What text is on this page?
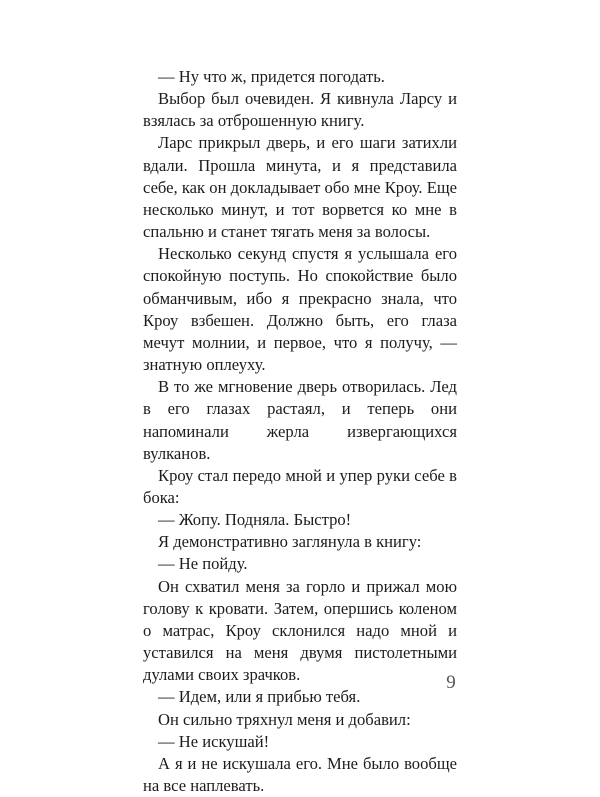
— Ну что ж, придется погодать.

Выбор был очевиден. Я кивнула Ларсу и взялась за отброшенную книгу.

Ларс прикрыл дверь, и его шаги затихли вдали. Прошла минута, и я представила себе, как он докладывает обо мне Кроу. Еще несколько минут, и тот ворвется ко мне в спальню и станет тягать меня за волосы.

Несколько секунд спустя я услышала его спокойную поступь. Но спокойствие было обманчивым, ибо я прекрасно знала, что Кроу взбешен. Должно быть, его глаза мечут молнии, и первое, что я получу, — знатную оплеуху.

В то же мгновение дверь отворилась. Лед в его глазах растаял, и теперь они напоминали жерла извергающихся вулканов.

Кроу стал передо мной и упер руки себе в бока:

— Жопу. Подняла. Быстро!

Я демонстративно заглянула в книгу:

— Не пойду.

Он схватил меня за горло и прижал мою голову к кровати. Затем, опершись коленом о матрас, Кроу склонился надо мной и уставился на меня двумя пистолетными дулами своих зрачков.

— Идем, или я прибью тебя.

Он сильно тряхнул меня и добавил:

— Не искушай!

А я и не искушала его. Мне было вообще на все наплевать.

9
